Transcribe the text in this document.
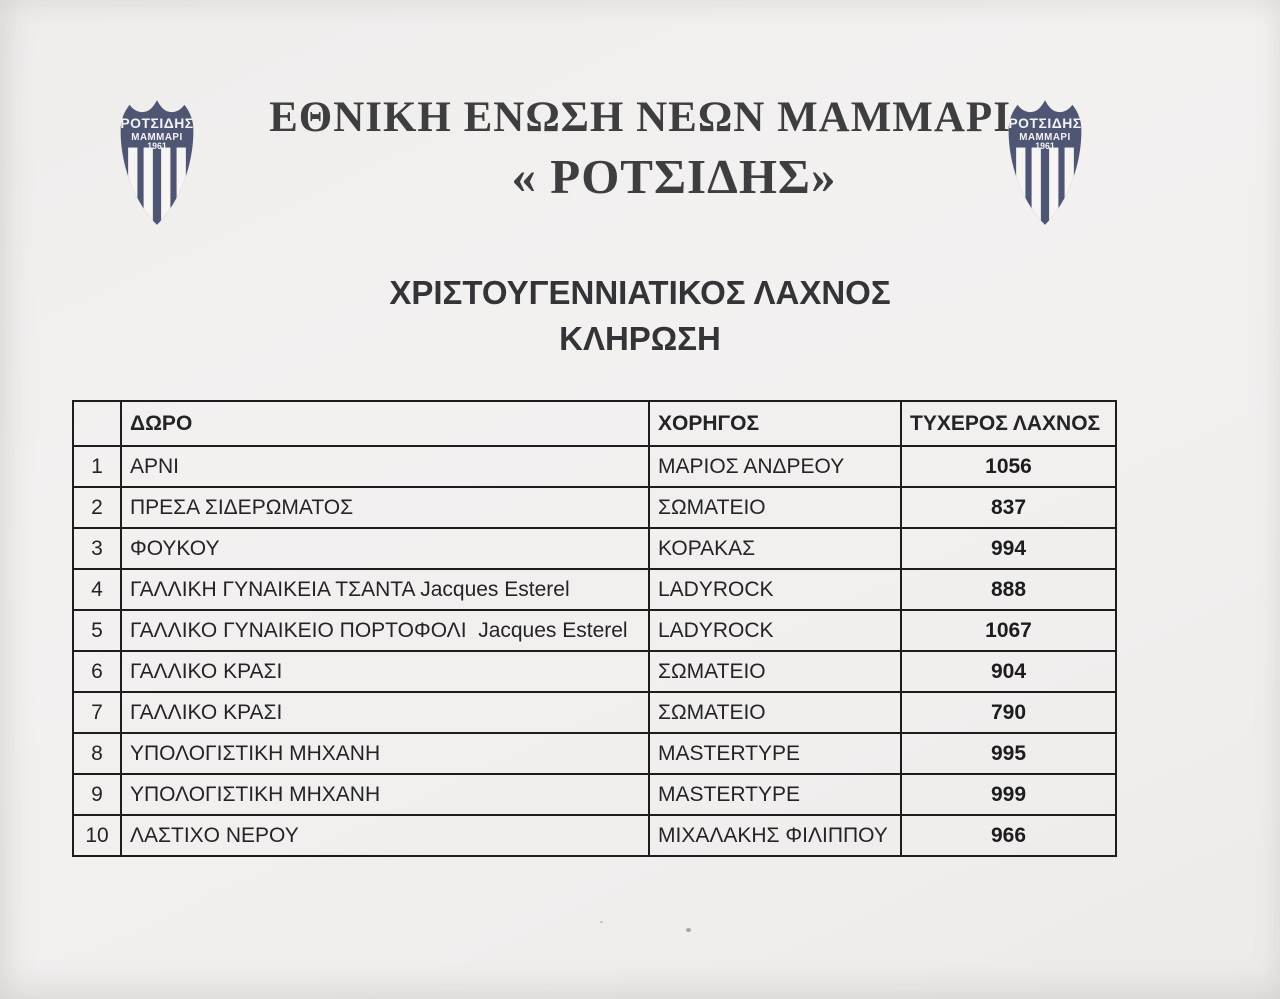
ΡΟΤΣΙΔΗΣ
ΜΑΜΜΑΡΙ
1961
ΡΟΤΣΙΔΗΣ
ΜΑΜΜΑΡΙ
1961
ΕΘΝΙΚΗ ΕΝΩΣΗ ΝΕΩΝ ΜΑΜΜΑΡΙ
« ΡΟΤΣΙΔΗΣ»
ΧΡΙΣΤΟΥΓΕΝΝΙΑΤΙΚΟΣ ΛΑΧΝΟΣ
ΚΛΗΡΩΣΗ
	ΔΩΡΟ	ΧΟΡΗΓΟΣ	ΤΥΧΕΡΟΣ ΛΑΧΝΟΣ
1	ΑΡΝΙ	ΜΑΡΙΟΣ ΑΝΔΡΕΟΥ	1056
2	ΠΡΕΣΑ ΣΙΔΕΡΩΜΑΤΟΣ	ΣΩΜΑΤΕΙΟ	837
3	ΦΟΥΚΟΥ	ΚΟΡΑΚΑΣ	994
4	ΓΑΛΛΙΚΗ ΓΥΝΑΙΚΕΙΑ ΤΣΑΝΤΑ Jacques Esterel	LADYROCK	888
5	ΓΑΛΛΙΚΟ ΓΥΝΑΙΚΕΙΟ ΠΟΡΤΟΦΟΛΙ  Jacques Esterel	LADYROCK	1067
6	ΓΑΛΛΙΚΟ ΚΡΑΣΙ	ΣΩΜΑΤΕΙΟ	904
7	ΓΑΛΛΙΚΟ ΚΡΑΣΙ	ΣΩΜΑΤΕΙΟ	790
8	ΥΠΟΛΟΓΙΣΤΙΚΗ ΜΗΧΑΝΗ	MASTERTYPE	995
9	ΥΠΟΛΟΓΙΣΤΙΚΗ ΜΗΧΑΝΗ	MASTERTYPE	999
10	ΛΑΣΤΙΧΟ ΝΕΡΟΥ	ΜΙΧΑΛΑΚΗΣ ΦΙΛΙΠΠΟΥ	966
